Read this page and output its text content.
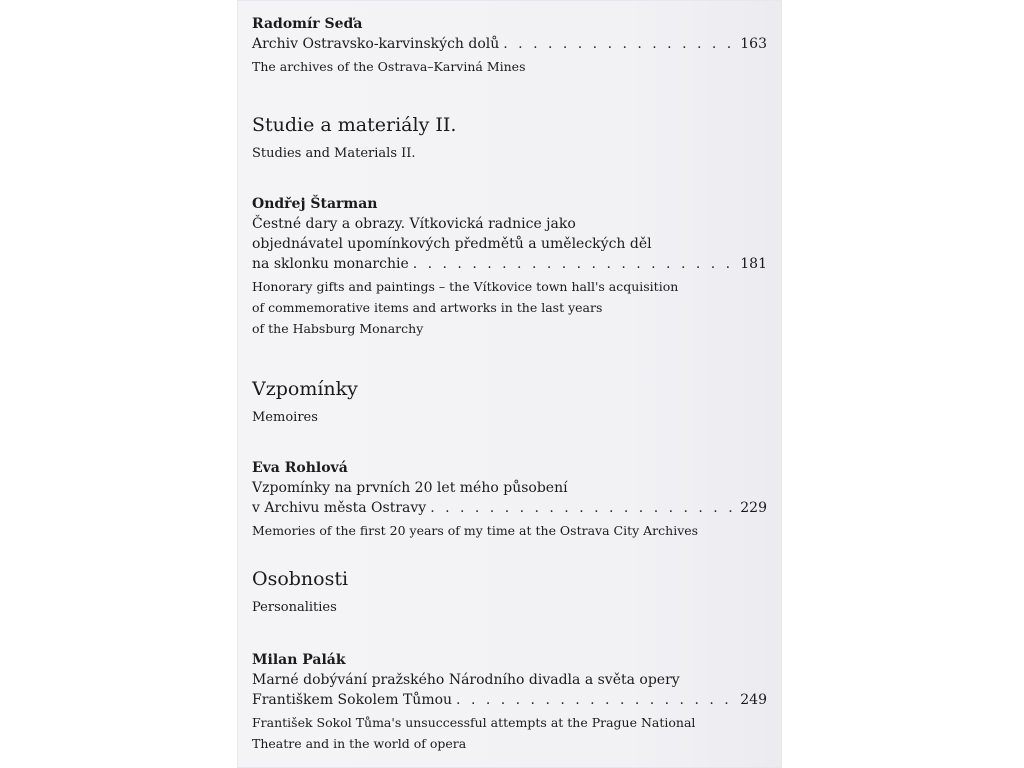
Radomír Seďa
Archiv Ostravsko-karvinských dolů . . .	163
The archives of the Ostrava–Karviná Mines
Studie a materiály II.
Studies and Materials II.
Ondřej Štarman
Čestné dary a obrazy. Vítkovická radnice jako
objednávatel upomínkových předmětů a uměleckých děl
na sklonku monarchie . . .	181
Honorary gifts and paintings – the Vítkovice town hall's acquisition
of commemorative items and artworks in the last years
of the Habsburg Monarchy
Vzpomínky
Memoires
Eva Rohlová
Vzpomínky na prvních 20 let mého působení
v Archivu města Ostravy . . .	229
Memories of the first 20 years of my time at the Ostrava City Archives
Osobnosti
Personalities
Milan Palák
Marné dobývání pražského Národního divadla a světa opery
Františkem Sokolem Tůmou . . .	249
František Sokol Tůma's unsuccessful attempts at the Prague National
Theatre and in the world of opera
